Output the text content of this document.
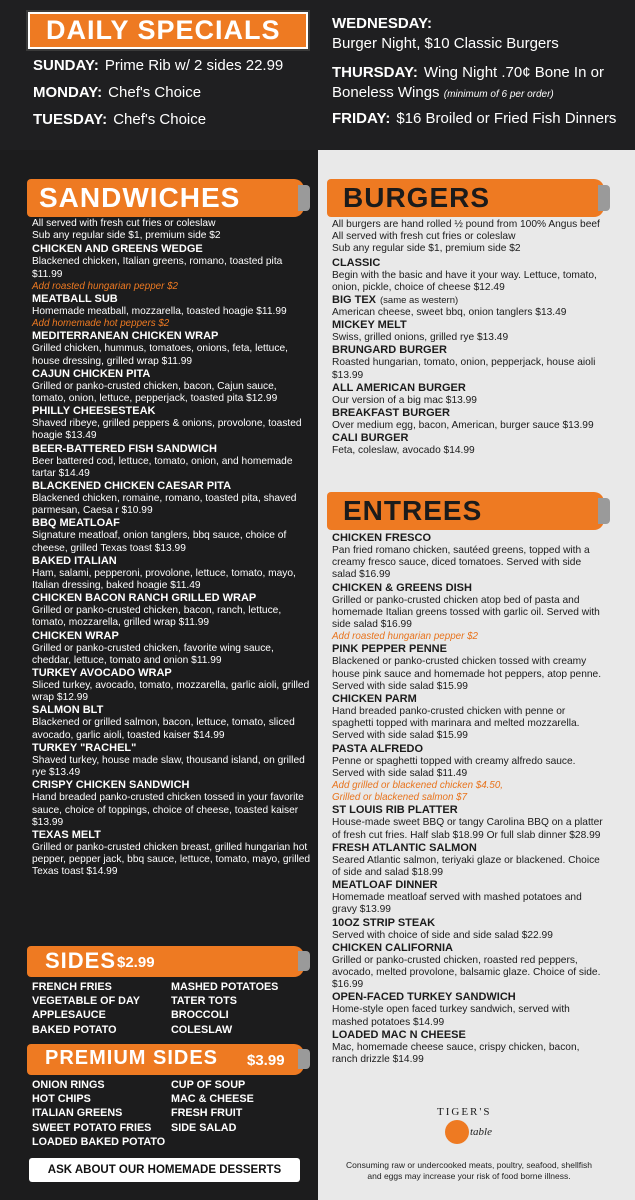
DAILY SPECIALS
SUNDAY: Prime Rib w/ 2 sides 22.99
MONDAY: Chef's Choice
TUESDAY: Chef's Choice
WEDNESDAY:
Burger Night, $10 Classic Burgers
THURSDAY: Wing Night .70¢ Bone In or
Boneless Wings (minimum of 6 per order)
FRIDAY: $16 Broiled or Fried Fish Dinners
SANDWICHES
All served with fresh cut fries or coleslaw
Sub any regular side $1, premium side $2
CHICKEN AND GREENS WEDGE
Blackened chicken, Italian greens, romano, toasted pita $11.99
Add roasted hungarian pepper $2
MEATBALL SUB
Homemade meatball, mozzarella, toasted hoagie $11.99
Add homemade hot peppers $2
MEDITERRANEAN CHICKEN WRAP
Grilled chicken, hummus, tomatoes, onions, feta, lettuce, house dressing, grilled wrap $11.99
CAJUN CHICKEN PITA
Grilled or panko-crusted chicken, bacon, Cajun sauce, tomato, onion, lettuce, pepperjack, toasted pita $12.99
PHILLY CHEESESTEAK
Shaved ribeye, grilled peppers & onions, provolone, toasted hoagie $13.49
BEER-BATTERED FISH SANDWICH
Beer battered cod, lettuce, tomato, onion, and homemade tartar $14.49
BLACKENED CHICKEN CAESAR PITA
Blackened chicken, romaine, romano, toasted pita, shaved parmesan, Caesa r $10.99
BBQ MEATLOAF
Signature meatloaf, onion tanglers, bbq sauce, choice of cheese, grilled Texas toast $13.99
BAKED ITALIAN
Ham, salami, pepperoni, provolone, lettuce, tomato, mayo, Italian dressing, baked hoagie $11.49
CHICKEN BACON RANCH GRILLED WRAP
Grilled or panko-crusted chicken, bacon, ranch, lettuce, tomato, mozzarella, grilled wrap $11.99
CHICKEN WRAP
Grilled or panko-crusted chicken, favorite wing sauce, cheddar, lettuce, tomato and onion $11.99
TURKEY AVOCADO WRAP
Sliced turkey, avocado, tomato, mozzarella, garlic aioli, grilled wrap $12.99
SALMON BLT
Blackened or grilled salmon, bacon, lettuce, tomato, sliced avocado, garlic aioli, toasted kaiser $14.99
TURKEY "RACHEL"
Shaved turkey, house made slaw, thousand island, on grilled rye $13.49
CRISPY CHICKEN SANDWICH
Hand breaded panko-crusted chicken tossed in your favorite sauce, choice of toppings, choice of cheese, toasted kaiser $13.99
TEXAS MELT
Grilled or panko-crusted chicken breast, grilled hungarian hot pepper, pepper jack, bbq sauce, lettuce, tomato, mayo, grilled Texas toast $14.99
SIDES $2.99
FRENCH FRIES
VEGETABLE OF DAY
APPLESAUCE
BAKED POTATO
MASHED POTATOES
TATER TOTS
BROCCOLI
COLESLAW
PREMIUM SIDES $3.99
ONION RINGS
HOT CHIPS
ITALIAN GREENS
SWEET POTATO FRIES
LOADED BAKED POTATO
CUP OF SOUP
MAC & CHEESE
FRESH FRUIT
SIDE SALAD
ASK ABOUT OUR HOMEMADE DESSERTS
BURGERS
All burgers are hand rolled ½ pound from 100% Angus beef
All served with fresh cut fries or coleslaw
Sub any regular side $1, premium side $2
CLASSIC
Begin with the basic and have it your way. Lettuce, tomato, onion, pickle, choice of cheese $12.49
BIG TEX (same as western)
American cheese, sweet bbq, onion tanglers $13.49
MICKEY MELT
Swiss, grilled onions, grilled rye $13.49
BRUNGARD BURGER
Roasted hungarian, tomato, onion, pepperjack, house aioli $13.99
ALL AMERICAN BURGER
Our version of a big mac $13.99
BREAKFAST BURGER
Over medium egg, bacon, American, burger sauce $13.99
CALI BURGER
Feta, coleslaw, avocado $14.99
ENTREES
CHICKEN FRESCO
Pan fried romano chicken, sautéed greens, topped with a creamy fresco sauce, diced tomatoes. Served with side salad $16.99
CHICKEN & GREENS DISH
Grilled or panko-crusted chicken atop bed of pasta and homemade Italian greens tossed with garlic oil. Served with side salad $16.99
Add roasted hungarian pepper $2
PINK PEPPER PENNE
Blackened or panko-crusted chicken tossed with creamy house pink sauce and homemade hot peppers, atop penne. Served with side salad $15.99
CHICKEN PARM
Hand breaded panko-crusted chicken with penne or spaghetti topped with marinara and melted mozzarella. Served with side salad $15.99
PASTA ALFREDO
Penne or spaghetti topped with creamy alfredo sauce. Served with side salad $11.49
Add grilled or blackened chicken $4.50,
Grilled or blackened salmon $7
ST LOUIS RIB PLATTER
House-made sweet BBQ or tangy Carolina BBQ on a platter of fresh cut fries. Half slab $18.99 Or full slab dinner $28.99
FRESH ATLANTIC SALMON
Seared Atlantic salmon, teriyaki glaze or blackened. Choice of side and salad $18.99
MEATLOAF DINNER
Homemade meatloaf served with mashed potatoes and gravy $13.99
10OZ STRIP STEAK
Served with choice of side and side salad $22.99
CHICKEN CALIFORNIA
Grilled or panko-crusted chicken, roasted red peppers, avocado, melted provolone, balsamic glaze. Choice of side. $16.99
OPEN-FACED TURKEY SANDWICH
Home-style open faced turkey sandwich, served with mashed potatoes $14.99
LOADED MAC N CHEESE
Mac, homemade cheese sauce, crispy chicken, bacon, ranch drizzle $14.99
TIGER'S
table
Consuming raw or undercooked meats, poultry, seafood, shellfish
and eggs may increase your risk of food borne illness.
